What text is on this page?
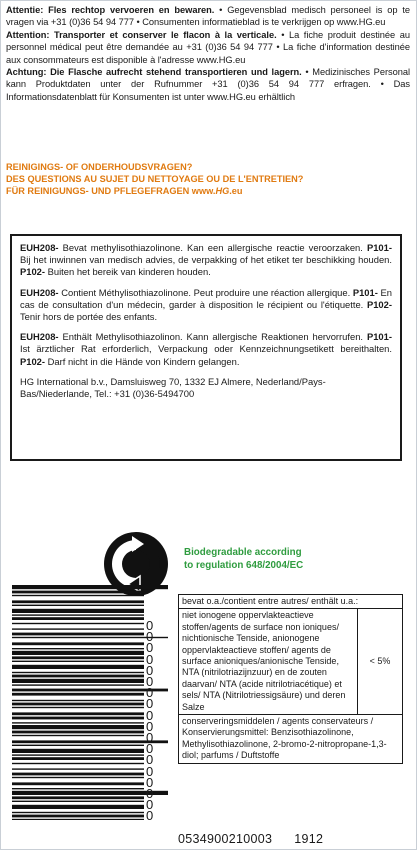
Attentie: Fles rechtop vervoeren en bewaren. • Gegevensblad medisch personeel is op te vragen via +31 (0)36 54 94 777 • Consumenten informatieblad is te verkrijgen op www.HG.eu

Attention: Transporter et conserver le flacon à la verticale. • La fiche produit destinée au personnel médical peut être demandée au +31 (0)36 54 94 777 • La fiche d'information destinée aux consommateurs est disponible à l'adresse www.HG.eu

Achtung: Die Flasche aufrecht stehend transportieren und lagern. • Medizinisches Personal kann Produktdaten unter der Rufnummer +31 (0)36 54 94 777 erfragen. • Das Informationsdatenblatt für Konsumenten ist unter www.HG.eu erhältlich

REINIGINGS- OF ONDERHOUDSVRAGEN?
DES QUESTIONS AU SUJET DU NETTOYAGE OU DE L'ENTRETIEN?
FÜR REINIGUNGS- UND PFLEGEFRAGEN www.HG.eu

EUH208- Bevat methylisothiazolinone. Kan een allergische reactie veroorzaken. P101- Bij het inwinnen van medisch advies, de verpakking of het etiket ter beschikking houden. P102- Buiten het bereik van kinderen houden.

EUH208- Contient Méthylisothiazolinone. Peut produire une réaction allergique. P101- En cas de consultation d'un médecin, garder à disposition le récipient ou l'étiquette. P102- Tenir hors de portée des enfants.

EUH208- Enthält Methylisothiazolinon. Kann allergische Reaktionen hervorrufen. P101- Ist ärztlicher Rat erforderlich, Verpackung oder Kennzeichnungsetikett bereithalten. P102- Darf nicht in die Hände von Kindern gelangen.

HG International b.v., Damsluisweg 70, 1332 EJ Almere, Nederland/Pays-Bas/Niederlande, Tel.: +31 (0)36-5494700

Biodegradable according
to regulation 648/2004/EC
0
0
0
0
0
0
0
0
0
0
0
0
0
0
0
0
0
0
bevat o.a./contient entre autres/ enthält u.a.:
niet ionogene oppervlakteactieve stoffen/agents de surface non ioniques/ nichtionische Tenside, anionogene oppervlakteactieve stoffen/ agents de surface anioniques/anionische Tenside, NTA (nitrilotriazijnzuur) en de zouten daarvan/ NTA (acide nitrilotriacétique) et sels/ NTA (Nitrilotriessigsäure) und deren Salze	< 5%
conserveringsmiddelen / agents conservateurs / Konservierungsmittel: Benzisothiazolinone, Methylisothiazolinone, 2-bromo-2-nitropropane-1,3-diol; parfums / Duftstoffe
0534900210003 1912
